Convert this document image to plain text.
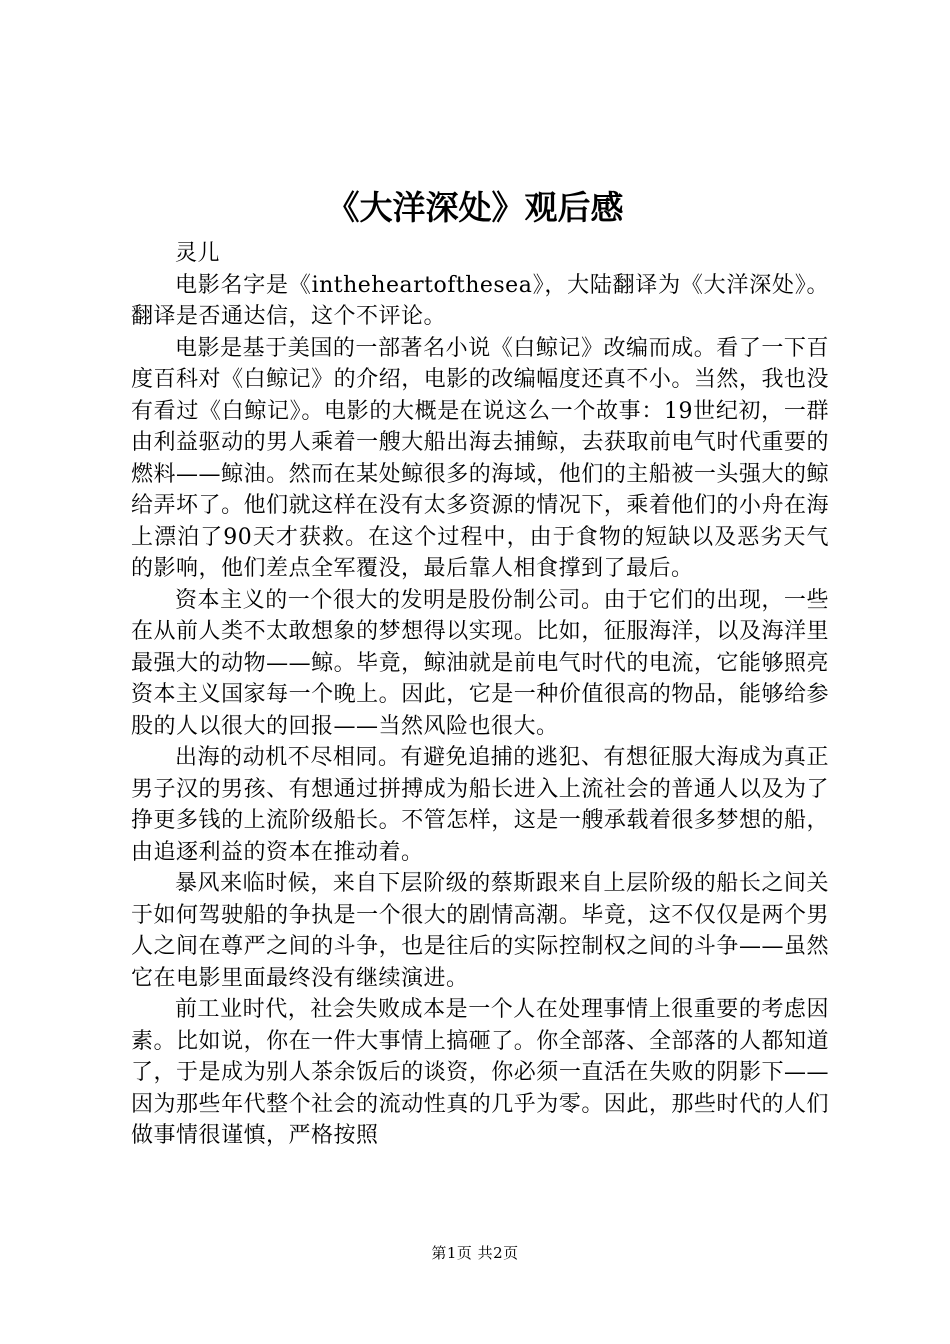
《大洋深处》观后感

灵儿

电影名字是《intheheartofthesea》，大陆翻译为《大洋深处》。翻译是否通达信，这个不评论。

电影是基于美国的一部著名小说《白鲸记》改编而成。看了一下百度百科对《白鲸记》的介绍，电影的改编幅度还真不小。当然，我也没有看过《白鲸记》。电影的大概是在说这么一个故事：19世纪初，一群由利益驱动的男人乘着一艘大船出海去捕鲸，去获取前电气时代重要的燃料——鲸油。然而在某处鲸很多的海域，他们的主船被一头强大的鲸给弄坏了。他们就这样在没有太多资源的情况下，乘着他们的小舟在海上漂泊了90天才获救。在这个过程中，由于食物的短缺以及恶劣天气的影响，他们差点全军覆没，最后靠人相食撑到了最后。

资本主义的一个很大的发明是股份制公司。由于它们的出现，一些在从前人类不太敢想象的梦想得以实现。比如，征服海洋，以及海洋里最强大的动物——鲸。毕竟，鲸油就是前电气时代的电流，它能够照亮资本主义国家每一个晚上。因此，它是一种价值很高的物品，能够给参股的人以很大的回报——当然风险也很大。

出海的动机不尽相同。有避免追捕的逃犯、有想征服大海成为真正男子汉的男孩、有想通过拼搏成为船长进入上流社会的普通人以及为了挣更多钱的上流阶级船长。不管怎样，这是一艘承载着很多梦想的船，由追逐利益的资本在推动着。

暴风来临时候，来自下层阶级的蔡斯跟来自上层阶级的船长之间关于如何驾驶船的争执是一个很大的剧情高潮。毕竟，这不仅仅是两个男人之间在尊严之间的斗争，也是往后的实际控制权之间的斗争——虽然它在电影里面最终没有继续演进。

前工业时代，社会失败成本是一个人在处理事情上很重要的考虑因素。比如说，你在一件大事情上搞砸了。你全部落、全部落的人都知道了，于是成为别人茶余饭后的谈资，你必须一直活在失败的阴影下——因为那些年代整个社会的流动性真的几乎为零。因此，那些时代的人们做事情很谨慎，严格按照

第1页 共2页
